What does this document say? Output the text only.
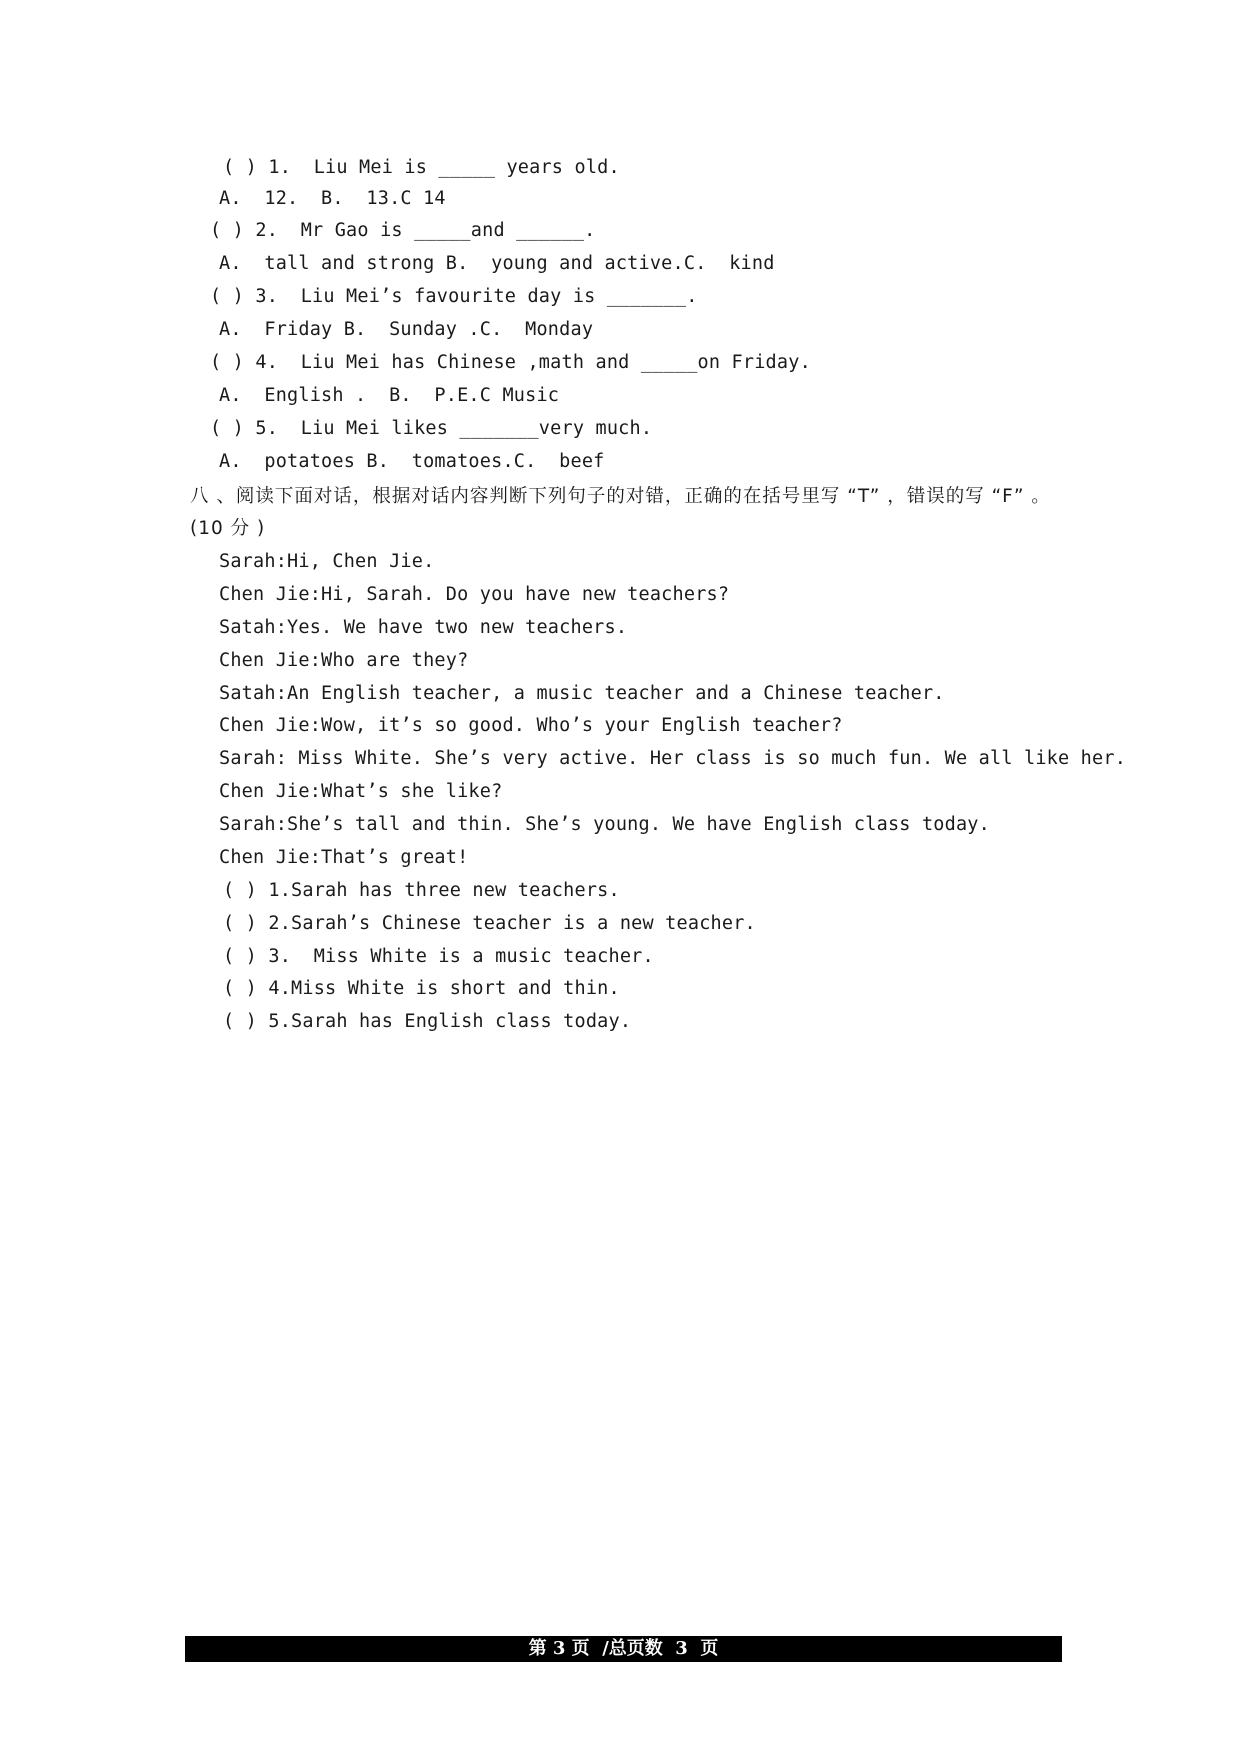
( ) 1.  Liu Mei is _____ years old.
A.  12.  B.  13.C 14
( ) 2.  Mr Gao is _____and ______.
A.  tall and strong B.  young and active.C.  kind
( ) 3.  Liu Mei’s favourite day is _______.
A.  Friday B.  Sunday .C.  Monday
( ) 4.  Liu Mei has Chinese ,math and _____on Friday.
A.  English .  B.  P.E.C Music
( ) 5.  Liu Mei likes _______very much.
A.  potatoes B.  tomatoes.C.  beef
八 、阅读下面对话，根据对话内容判断下列句子的对错，正确的在括号里写 “T” ，错误的写 “F” 。 (10 分 )
Sarah:Hi, Chen Jie.
Chen Jie:Hi, Sarah. Do you have new teachers?
Satah:Yes. We have two new teachers.
Chen Jie:Who are they?
Satah:An English teacher, a music teacher and a Chinese teacher.
Chen Jie:Wow, it’s so good. Who’s your English teacher?
Sarah: Miss White. She’s very active. Her class is so much fun. We all like her.
Chen Jie:What’s she like?
Sarah:She’s tall and thin. She’s young. We have English class today.
Chen Jie:That’s great!
( ) 1.Sarah has three new teachers.
( ) 2.Sarah’s Chinese teacher is a new teacher.
( ) 3.  Miss White is a music teacher.
( ) 4.Miss White is short and thin.
( ) 5.Sarah has English class today.
第 3 页  /总页数  3  页
